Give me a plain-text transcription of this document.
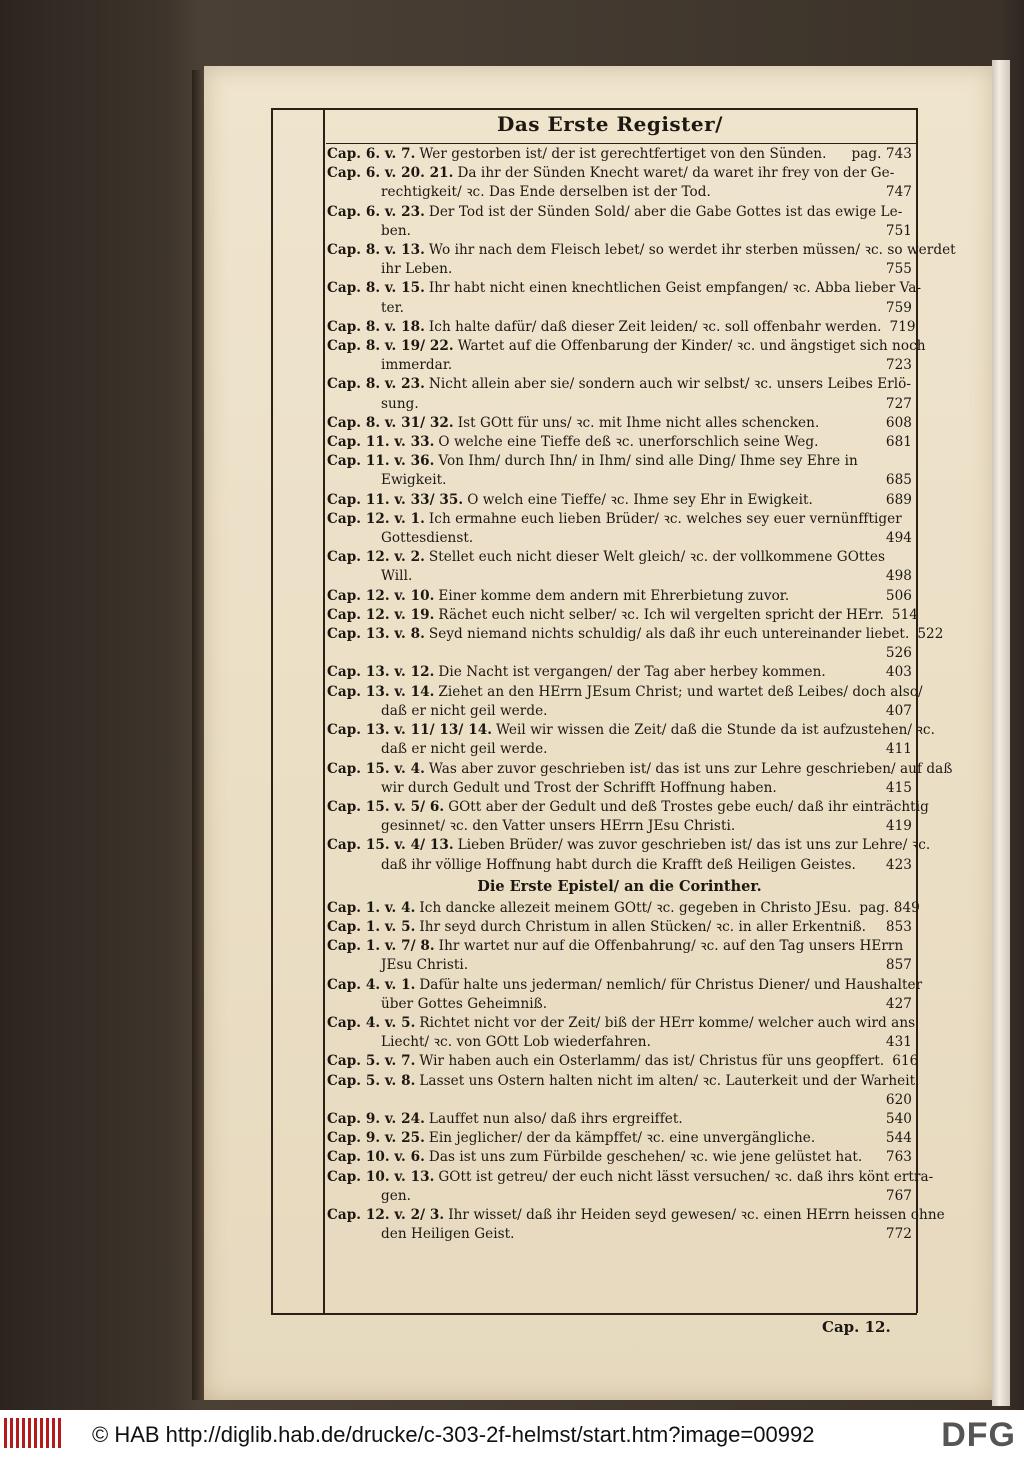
Das Erste Register/
Cap. 6. v. 7. Wer gestorben ist/ der ist gerechtfertiget von den Sünden.	pag. 743
Cap. 6. v. 20. 21. Da ihr der Sünden Knecht waret/ da waret ihr frey von der Ge-
rechtigkeit/ ꝛc. Das Ende derselben ist der Tod.	747
Cap. 6. v. 23. Der Tod ist der Sünden Sold/ aber die Gabe Gottes ist das ewige Le-
ben.	751
Cap. 8. v. 13. Wo ihr nach dem Fleisch lebet/ so werdet ihr sterben müssen/ ꝛc. so werdet
ihr Leben.	755
Cap. 8. v. 15. Ihr habt nicht einen knechtlichen Geist empfangen/ ꝛc. Abba lieber Va-
ter.	759
Cap. 8. v. 18. Ich halte dafür/ daß dieser Zeit leiden/ ꝛc. soll offenbahr werden. 719
Cap. 8. v. 19/ 22. Wartet auf die Offenbarung der Kinder/ ꝛc. und ängstiget sich noch
immerdar.	723
Cap. 8. v. 23. Nicht allein aber sie/ sondern auch wir selbst/ ꝛc. unsers Leibes Erlö-
sung.	727
Cap. 8. v. 31/ 32. Ist GOtt für uns/ ꝛc. mit Ihme nicht alles schencken.	608
Cap. 11. v. 33. O welche eine Tieffe deß ꝛc. unerforschlich seine Weg.	681
Cap. 11. v. 36. Von Ihm/ durch Ihn/ in Ihm/ sind alle Ding/ Ihme sey Ehre in
Ewigkeit.	685
Cap. 11. v. 33/ 35. O welch eine Tieffe/ ꝛc. Ihme sey Ehr in Ewigkeit.	689
Cap. 12. v. 1. Ich ermahne euch lieben Brüder/ ꝛc. welches sey euer vernünfftiger
Gottesdienst.	494
Cap. 12. v. 2. Stellet euch nicht dieser Welt gleich/ ꝛc. der vollkommene GOttes
Will.	498
Cap. 12. v. 10. Einer komme dem andern mit Ehrerbietung zuvor.	506
Cap. 12. v. 19. Rächet euch nicht selber/ ꝛc. Ich wil vergelten spricht der HErr. 514
Cap. 13. v. 8. Seyd niemand nichts schuldig/ als daß ihr euch untereinander liebet. 522
526
Cap. 13. v. 12. Die Nacht ist vergangen/ der Tag aber herbey kommen.	403
Cap. 13. v. 14. Ziehet an den HErrn JEsum Christ; und wartet deß Leibes/ doch also/
daß er nicht geil werde.	407
Cap. 13. v. 11/ 13/ 14. Weil wir wissen die Zeit/ daß die Stunde da ist aufzustehen/ ꝛc.
daß er nicht geil werde.	411
Cap. 15. v. 4. Was aber zuvor geschrieben ist/ das ist uns zur Lehre geschrieben/ auf daß
wir durch Gedult und Trost der Schrifft Hoffnung haben.	415
Cap. 15. v. 5/ 6. GOtt aber der Gedult und deß Trostes gebe euch/ daß ihr einträchtig
gesinnet/ ꝛc. den Vatter unsers HErrn JEsu Christi.	419
Cap. 15. v. 4/ 13. Lieben Brüder/ was zuvor geschrieben ist/ das ist uns zur Lehre/ ꝛc.
daß ihr völlige Hoffnung habt durch die Krafft deß Heiligen Geistes.	423
Die Erste Epistel/ an die Corinther.
Cap. 1. v. 4. Ich dancke allezeit meinem GOtt/ ꝛc. gegeben in Christo JEsu. pag. 849
Cap. 1. v. 5. Ihr seyd durch Christum in allen Stücken/ ꝛc. in aller Erkentniß.	853
Cap. 1. v. 7/ 8. Ihr wartet nur auf die Offenbahrung/ ꝛc. auf den Tag unsers HErrn
JEsu Christi.	857
Cap. 4. v. 1. Dafür halte uns jederman/ nemlich/ für Christus Diener/ und Haushalter
über Gottes Geheimniß.	427
Cap. 4. v. 5. Richtet nicht vor der Zeit/ biß der HErr komme/ welcher auch wird ans
Liecht/ ꝛc. von GOtt Lob wiederfahren.	431
Cap. 5. v. 7. Wir haben auch ein Osterlamm/ das ist/ Christus für uns geopffert. 616
Cap. 5. v. 8. Lasset uns Ostern halten nicht im alten/ ꝛc. Lauterkeit und der Warheit.
620
Cap. 9. v. 24. Lauffet nun also/ daß ihrs ergreiffet.	540
Cap. 9. v. 25. Ein jeglicher/ der da kämpffet/ ꝛc. eine unvergängliche.	544
Cap. 10. v. 6. Das ist uns zum Fürbilde geschehen/ ꝛc. wie jene gelüstet hat.	763
Cap. 10. v. 13. GOtt ist getreu/ der euch nicht lässt versuchen/ ꝛc. daß ihrs könt ertra-
gen.	767
Cap. 12. v. 2/ 3. Ihr wisset/ daß ihr Heiden seyd gewesen/ ꝛc. einen HErrn heissen ohne
den Heiligen Geist.	772
Cap. 12.
© HAB http://diglib.hab.de/drucke/c-303-2f-helmst/start.htm?image=00992	DFG
